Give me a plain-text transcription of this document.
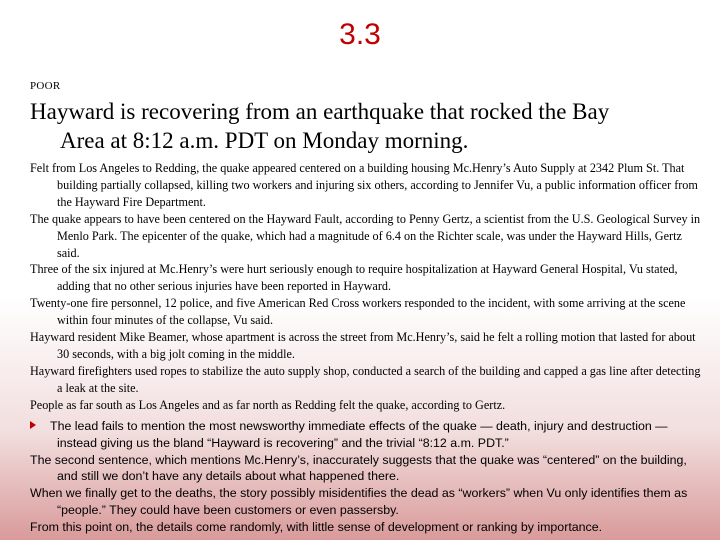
3.3
POOR
Hayward is recovering from an earthquake that rocked the Bay
Area at 8:12 a.m. PDT on Monday morning.

Felt from Los Angeles to Redding, the quake appeared centered on a building housing Mc.Henry’s Auto Supply at 2342 Plum St. That building partially collapsed, killing two workers and injuring six others, according to Jennifer Vu, a public information officer from the Hayward Fire Department.

The quake appears to have been centered on the Hayward Fault, according to Penny Gertz, a scientist from the U.S. Geological Survey in Menlo Park. The epicenter of the quake, which had a magnitude of 6.4 on the Richter scale, was under the Hayward Hills, Gertz said.

Three of the six injured at Mc.Henry’s were hurt seriously enough to require hospitalization at Hayward General Hospital, Vu stated, adding that no other serious injuries have been reported in Hayward.

Twenty-one fire personnel, 12 police, and five American Red Cross workers responded to the incident, with some arriving at the scene within four minutes of the collapse, Vu said.

Hayward resident Mike Beamer, whose apartment is across the street from Mc.Henry’s, said he felt a rolling motion that lasted for about 30 seconds, with a big jolt coming in the middle.

Hayward firefighters used ropes to stabilize the auto supply shop, conducted a search of the building and capped a gas line after detecting a leak at the site.

People as far south as Los Angeles and as far north as Redding felt the quake, according to Gertz.

The lead fails to mention the most newsworthy immediate effects of the quake — death, injury and destruction — instead giving us the bland “Hayward is recovering” and the trivial “8:12 a.m. PDT.”

The second sentence, which mentions Mc.Henry’s, inaccurately suggests that the quake was “centered” on the building, and still we don’t have any details about what happened there.

When we finally get to the deaths, the story possibly misidentifies the dead as “workers” when Vu only identifies them as “people.” They could have been customers or even passersby.

From this point on, the details come randomly, with little sense of development or ranking by importance.
